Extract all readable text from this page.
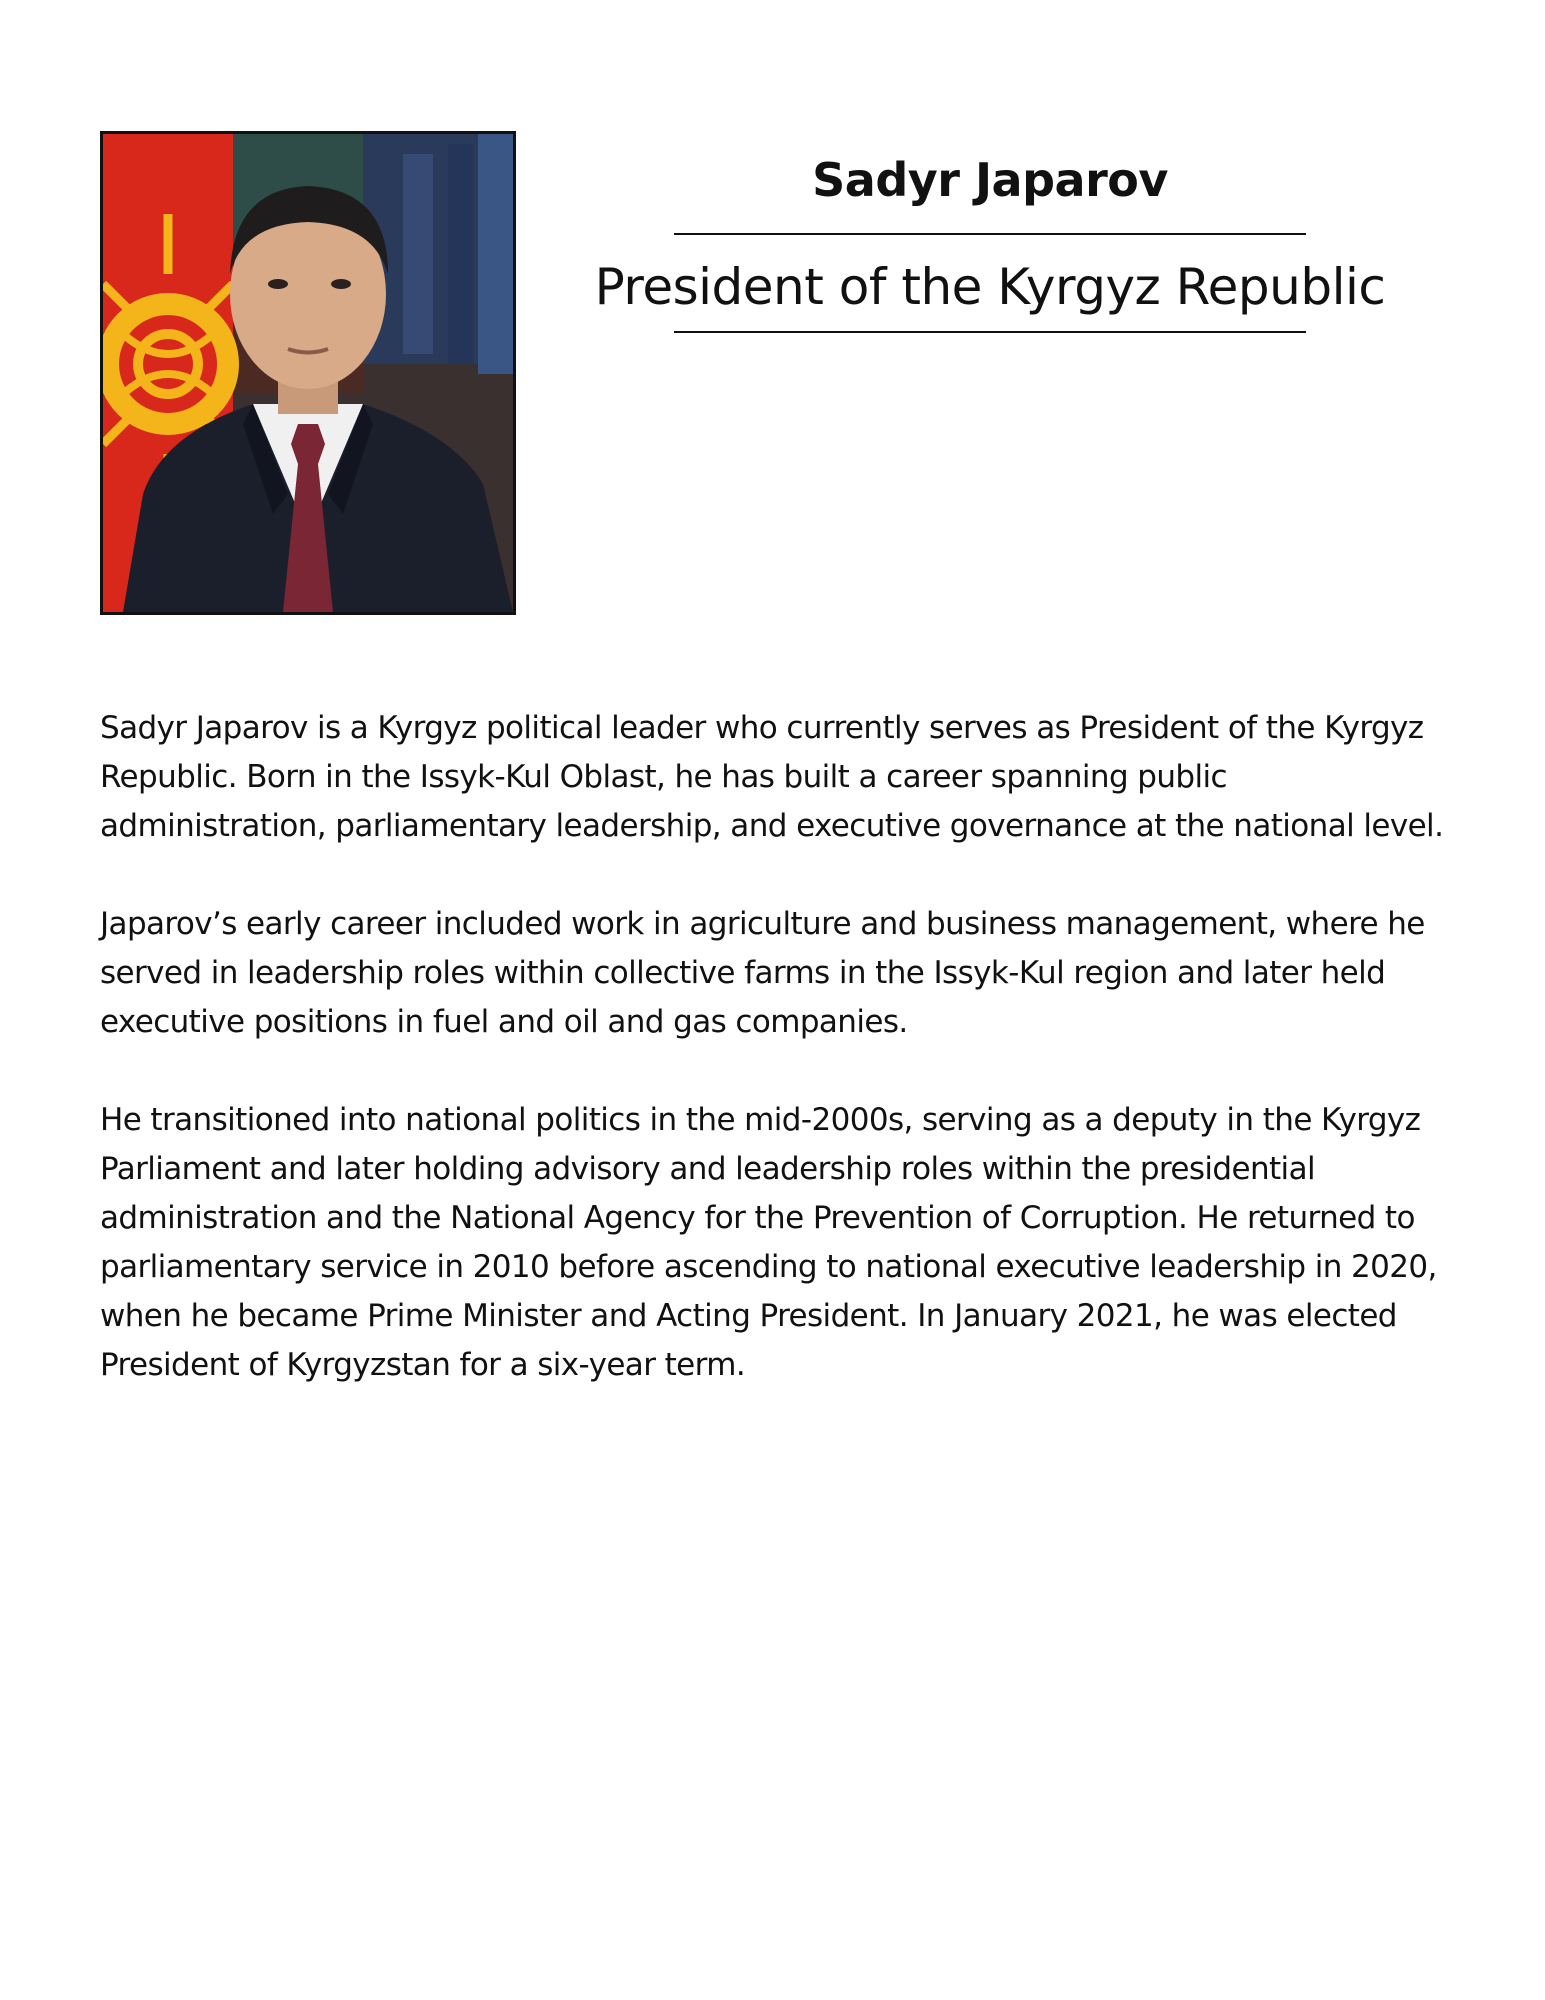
Sadyr Japarov
President of the Kyrgyz Republic

Sadyr Japarov is a Kyrgyz political leader who currently serves as President of the Kyrgyz Republic. Born in the Issyk-Kul Oblast, he has built a career spanning public administration, parliamentary leadership, and executive governance at the national level.

Japarov’s early career included work in agriculture and business management, where he served in leadership roles within collective farms in the Issyk-Kul region and later held executive positions in fuel and oil and gas companies.

He transitioned into national politics in the mid-2000s, serving as a deputy in the Kyrgyz Parliament and later holding advisory and leadership roles within the presidential administration and the National Agency for the Prevention of Corruption. He returned to parliamentary service in 2010 before ascending to national executive leadership in 2020, when he became Prime Minister and Acting President. In January 2021, he was elected President of Kyrgyzstan for a six-year term.
